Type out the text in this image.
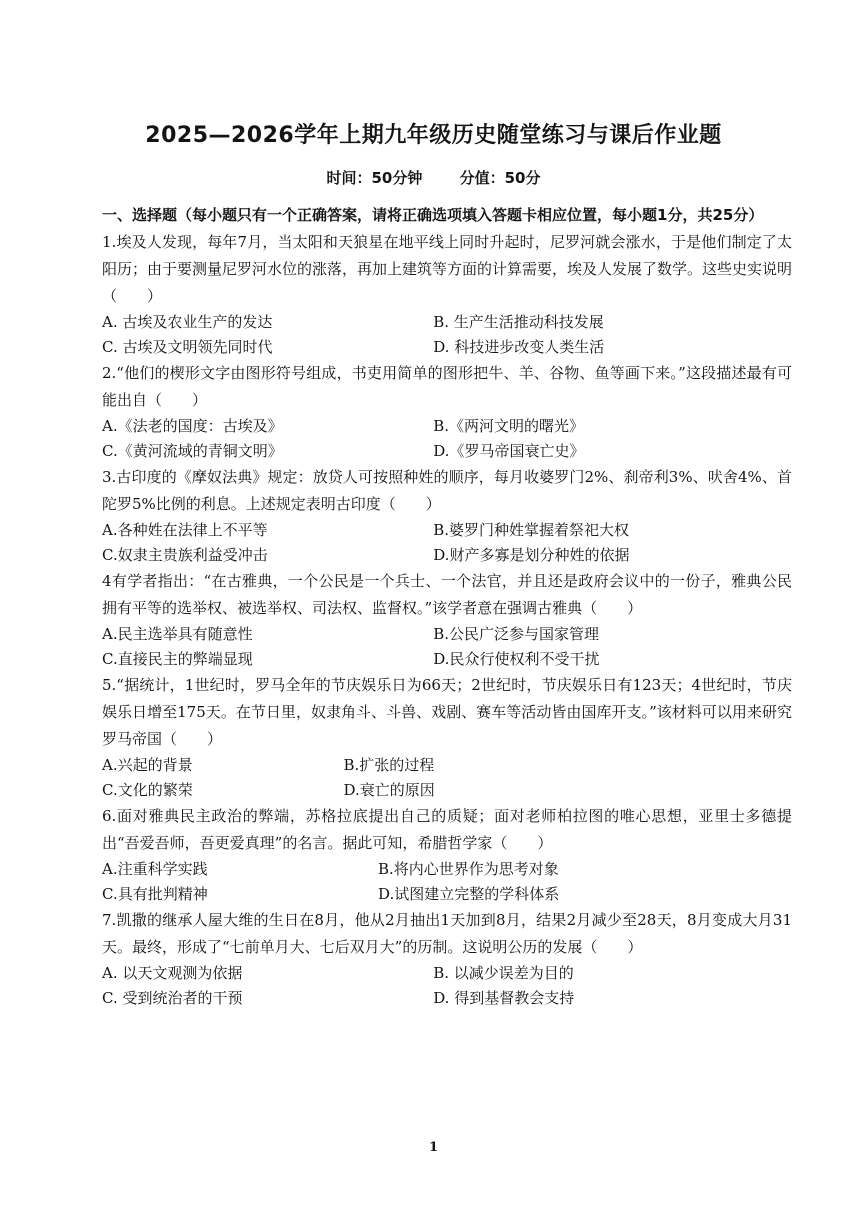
2025—2026学年上期九年级历史随堂练习与课后作业题
时间：50分钟 分值：50分
一、选择题（每小题只有一个正确答案，请将正确选项填入答题卡相应位置，每小题1分，共25分）
1.埃及人发现，每年7月，当太阳和天狼星在地平线上同时升起时，尼罗河就会涨水，于是他们制定了太阳历；由于要测量尼罗河水位的涨落，再加上建筑等方面的计算需要，埃及人发展了数学。这些史实说明（　　）
A. 古埃及农业生产的发达	B. 生产生活推动科技发展
C. 古埃及文明领先同时代	D. 科技进步改变人类生活
2.“他们的楔形文字由图形符号组成，书吏用简单的图形把牛、羊、谷物、鱼等画下来。”这段描述最有可能出自（　　）
A.《法老的国度：古埃及》	B.《两河文明的曙光》
C.《黄河流域的青铜文明》	D.《罗马帝国衰亡史》
3.古印度的《摩奴法典》规定：放贷人可按照种姓的顺序，每月收婆罗门2%、刹帝利3%、吠舍4%、首陀罗5%比例的利息。上述规定表明古印度（　　）
A.各种姓在法律上不平等	B.婆罗门种姓掌握着祭祀大权
C.奴隶主贵族利益受冲击	D.财产多寡是划分种姓的依据
4有学者指出：“在古雅典，一个公民是一个兵士、一个法官，并且还是政府会议中的一份子，雅典公民拥有平等的选举权、被选举权、司法权、监督权。”该学者意在强调古雅典（　　）
A.民主选举具有随意性	B.公民广泛参与国家管理
C.直接民主的弊端显现	D.民众行使权利不受干扰
5.“据统计，1世纪时，罗马全年的节庆娱乐日为66天；2世纪时，节庆娱乐日有123天；4世纪时，节庆娱乐日增至175天。在节日里，奴隶角斗、斗兽、戏剧、赛车等活动皆由国库开支。”该材料可以用来研究罗马帝国（　　）
A.兴起的背景	B.扩张的过程
C.文化的繁荣	D.衰亡的原因
6.面对雅典民主政治的弊端，苏格拉底提出自己的质疑；面对老师柏拉图的唯心思想，亚里士多德提出“吾爱吾师，吾更爱真理”的名言。据此可知，希腊哲学家（　　）
A.注重科学实践	B.将内心世界作为思考对象
C.具有批判精神	D.试图建立完整的学科体系
7.凯撒的继承人屋大维的生日在8月，他从2月抽出1天加到8月，结果2月减少至28天，8月变成大月31天。最终，形成了“七前单月大、七后双月大”的历制。这说明公历的发展（　　）
A. 以天文观测为依据	B. 以减少误差为目的
C. 受到统治者的干预	D. 得到基督教会支持
1
